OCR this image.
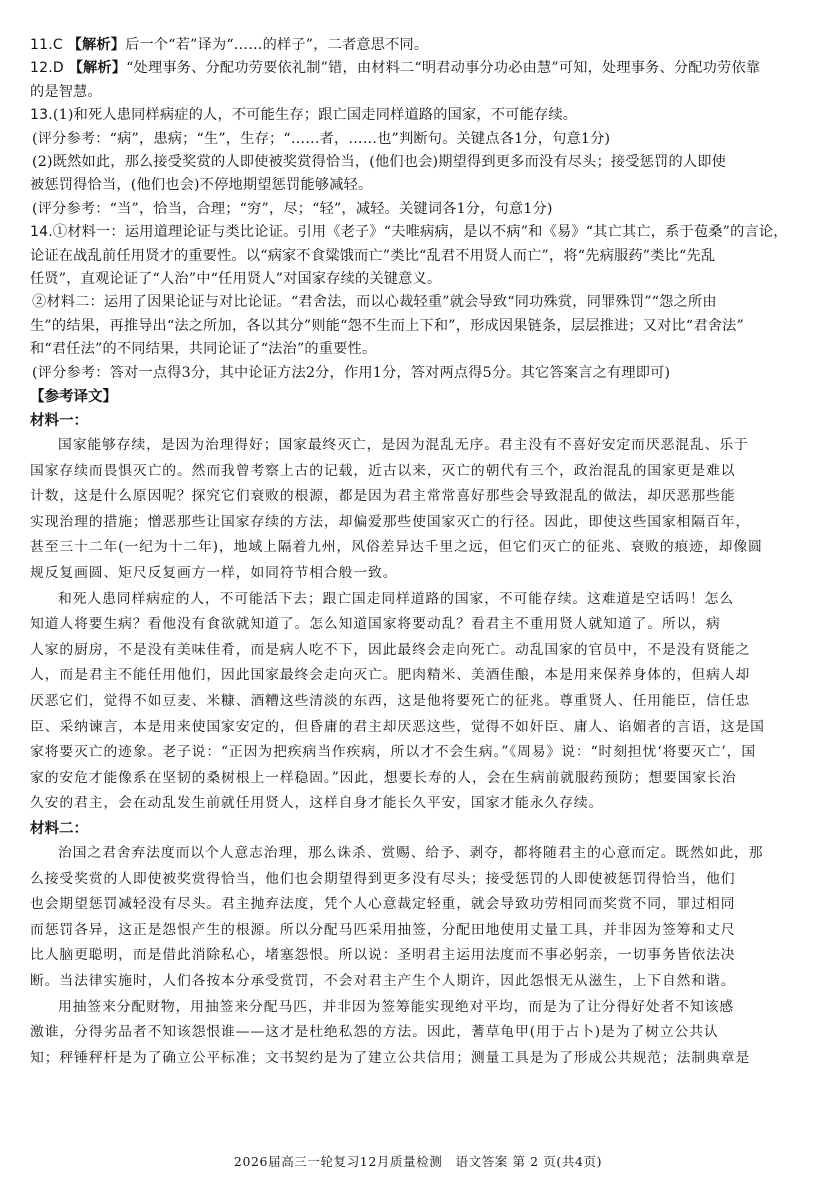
11.C 【解析】后一个“若”译为“……的样子”，二者意思不同。
12.D 【解析】“处理事务、分配功劳要依礼制”错，由材料二“明君动事分功必由慧”可知，处理事务、分配功劳依靠
的是智慧。
13.(1)和死人患同样病症的人，不可能生存；跟亡国走同样道路的国家，不可能存续。
(评分参考：“病”，患病；“生”，生存；“……者，……也”判断句。关键点各1分，句意1分)
(2)既然如此，那么接受奖赏的人即使被奖赏得恰当，(他们也会)期望得到更多而没有尽头；接受惩罚的人即使
被惩罚得恰当，(他们也会)不停地期望惩罚能够减轻。
(评分参考：“当”，恰当，合理；“穷”，尽；“轻”，减轻。关键词各1分，句意1分)
14.①材料一：运用道理论证与类比论证。引用《老子》“夫唯病病，是以不病”和《易》“其亡其亡，系于苞桑”的言论，
论证在战乱前任用贤才的重要性。以“病家不食粱饿而亡”类比“乱君不用贤人而亡”，将“先病服药”类比“先乱
任贤”，直观论证了“人治”中“任用贤人”对国家存续的关键意义。
②材料二：运用了因果论证与对比论证。“君舍法，而以心裁轻重”就会导致“同功殊赏，同罪殊罚”“怨之所由
生”的结果，再推导出“法之所加，各以其分”则能“怨不生而上下和”，形成因果链条，层层推进；又对比“君舍法”
和“君任法”的不同结果，共同论证了“法治”的重要性。
(评分参考：答对一点得3分，其中论证方法2分，作用1分，答对两点得5分。其它答案言之有理即可)
【参考译文】
材料一：
国家能够存续，是因为治理得好；国家最终灭亡，是因为混乱无序。君主没有不喜好安定而厌恶混乱、乐于
国家存续而畏惧灭亡的。然而我曾考察上古的记载，近古以来，灭亡的朝代有三个，政治混乱的国家更是难以
计数，这是什么原因呢？探究它们衰败的根源，都是因为君主常常喜好那些会导致混乱的做法，却厌恶那些能
实现治理的措施；憎恶那些让国家存续的方法，却偏爱那些使国家灭亡的行径。因此，即使这些国家相隔百年，
甚至三十二年(一纪为十二年)，地域上隔着九州，风俗差异达千里之远，但它们灭亡的征兆、衰败的痕迹，却像圆
规反复画圆、矩尺反复画方一样，如同符节相合般一致。
和死人患同样病症的人，不可能活下去；跟亡国走同样道路的国家，不可能存续。这难道是空话吗！怎么
知道人将要生病？看他没有食欲就知道了。怎么知道国家将要动乱？看君主不重用贤人就知道了。所以，病
人家的厨房，不是没有美味佳肴，而是病人吃不下，因此最终会走向死亡。动乱国家的官员中，不是没有贤能之
人，而是君主不能任用他们，因此国家最终会走向灭亡。肥肉精米、美酒佳酿，本是用来保养身体的，但病人却
厌恶它们，觉得不如豆麦、米糠、酒糟这些清淡的东西，这是他将要死亡的征兆。尊重贤人、任用能臣，信任忠
臣、采纳谏言，本是用来使国家安定的，但昏庸的君主却厌恶这些，觉得不如奸臣、庸人、谄媚者的言语，这是国
家将要灭亡的迹象。老子说：“正因为把疾病当作疾病，所以才不会生病。”《周易》说：“时刻担忧‘将要灭亡’，国
家的安危才能像系在坚韧的桑树根上一样稳固。”因此，想要长寿的人，会在生病前就服药预防；想要国家长治
久安的君主，会在动乱发生前就任用贤人，这样自身才能长久平安，国家才能永久存续。
材料二：
治国之君舍弃法度而以个人意志治理，那么诛杀、赏赐、给予、剥夺，都将随君主的心意而定。既然如此，那
么接受奖赏的人即使被奖赏得恰当，他们也会期望得到更多没有尽头；接受惩罚的人即使被惩罚得恰当，他们
也会期望惩罚减轻没有尽头。君主抛弃法度，凭个人心意裁定轻重，就会导致功劳相同而奖赏不同，罪过相同
而惩罚各异，这正是怨恨产生的根源。所以分配马匹采用抽签，分配田地使用丈量工具，并非因为签筹和丈尺
比人脑更聪明，而是借此消除私心，堵塞怨恨。所以说：圣明君主运用法度而不事必躬亲，一切事务皆依法决
断。当法律实施时，人们各按本分承受赏罚，不会对君主产生个人期许，因此怨恨无从滋生，上下自然和谐。
用抽签来分配财物，用抽签来分配马匹，并非因为签筹能实现绝对平均，而是为了让分得好处者不知该感
激谁，分得劣品者不知该怨恨谁——这才是杜绝私怨的方法。因此，蓍草龟甲(用于占卜)是为了树立公共认
知；秤锤秤杆是为了确立公平标准；文书契约是为了建立公共信用；测量工具是为了形成公共规范；法制典章是
2026届高三一轮复习12月质量检测　语文答案 第 2 页(共4页)
